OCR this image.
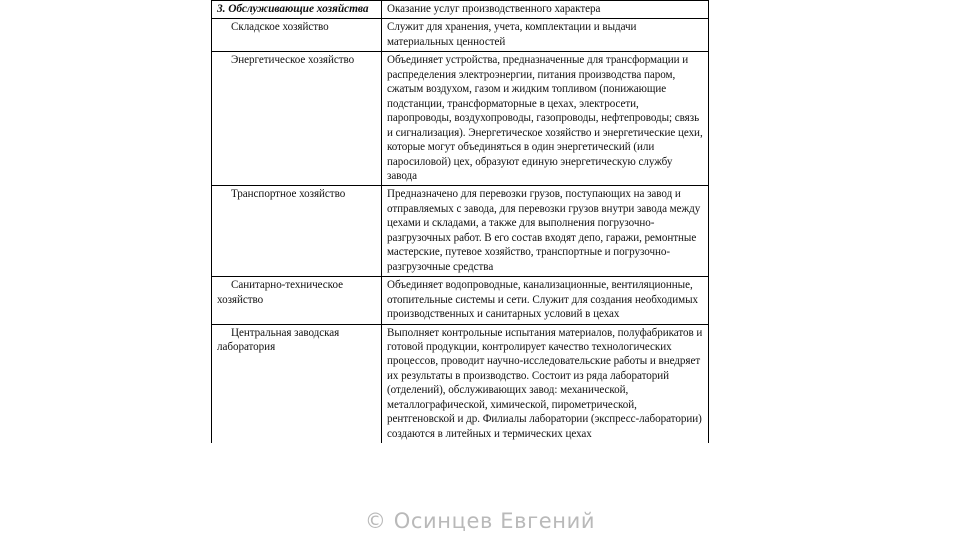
3. Обслуживающие хозяйства	Оказание услуг производственного характера
Складское хозяйство	Служит для хранения, учета, комплектации и выдачи материальных ценностей
Энергетическое хозяйство	Объединяет устройства, предназначенные для трансформации и распределения электроэнергии, питания производства паром, сжатым воздухом, газом и жидким топливом (понижающие подстанции, трансформаторные в цехах, электросети, паропроводы, воздухопроводы, газопроводы, нефтепроводы; связь и сигнализация). Энергетическое хозяйство и энергетические цехи, которые могут объединяться в один энергетический (или паросиловой) цех, образуют единую энергетическую службу завода
Транспортное хозяйство	Предназначено для перевозки грузов, поступающих на завод и отправляемых с завода, для перевозки грузов внутри завода между цехами и складами, а также для выполнения погрузочно-разгрузочных работ. В его состав входят депо, гаражи, ремонтные мастерские, путевое хозяйство, транспортные и погрузочно-разгрузочные средства
Санитарно-техническое хозяйство	Объединяет водопроводные, канализационные, вентиляционные, отопительные системы и сети. Служит для создания необходимых производственных и санитарных условий в цехах
Центральная заводская лаборатория	Выполняет контрольные испытания материалов, полуфабрикатов и готовой продукции, контролирует качество технологических процессов, проводит научно-исследовательские работы и внедряет их результаты в производство. Состоит из ряда лабораторий (отделений), обслуживающих завод: механической, металлографической, химической, пирометрической, рентгеновской и др. Филиалы лаборатории (экспресс-лаборатории) создаются в литейных и термических цехах
© Осинцев Евгений
